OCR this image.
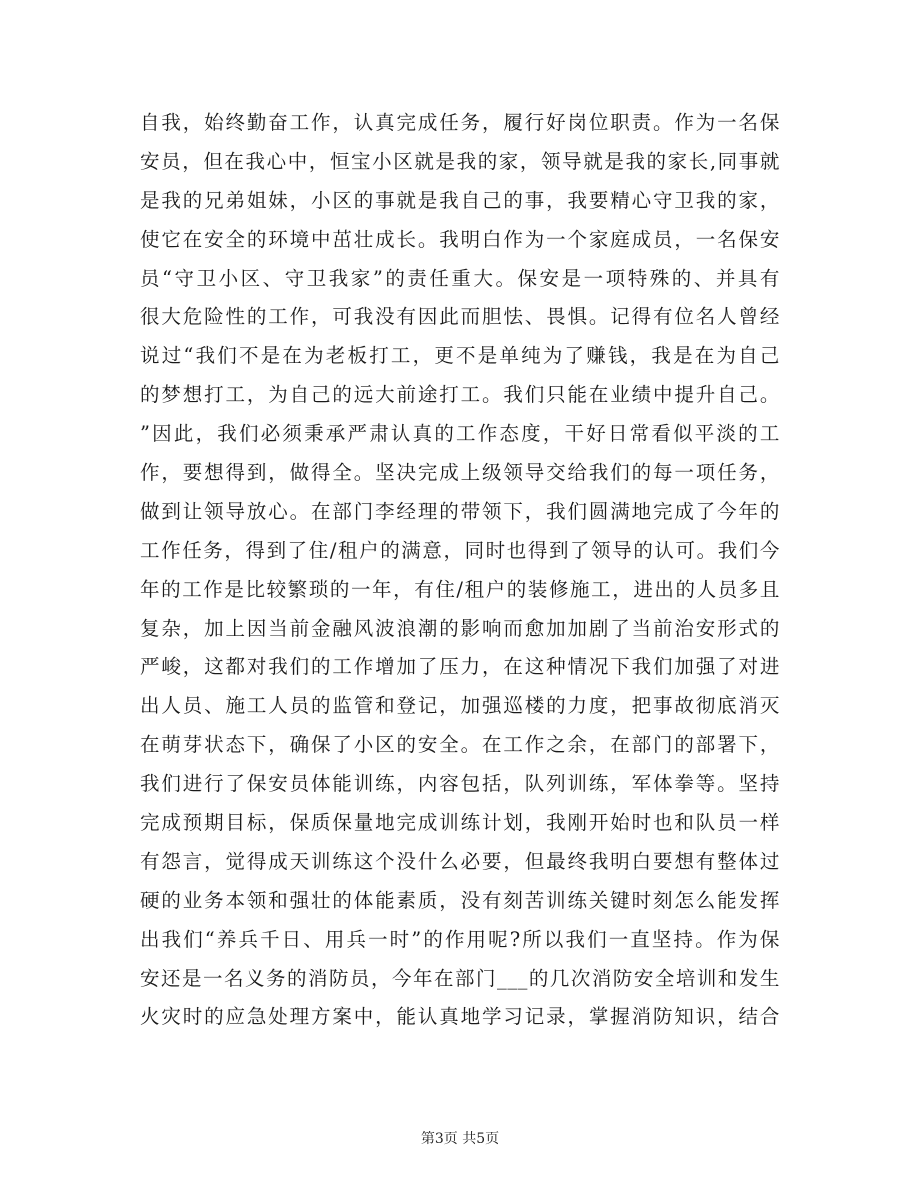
自我，始终勤奋工作，认真完成任务，履行好岗位职责。作为一名保
安员，但在我心中，恒宝小区就是我的家，领导就是我的家长,同事就
是我的兄弟姐妹，小区的事就是我自己的事，我要精心守卫我的家，
使它在安全的环境中茁壮成长。我明白作为一个家庭成员，一名保安
员“守卫小区、守卫我家”的责任重大。保安是一项特殊的、并具有
很大危险性的工作，可我没有因此而胆怯、畏惧。记得有位名人曾经
说过“我们不是在为老板打工，更不是单纯为了赚钱，我是在为自己
的梦想打工，为自己的远大前途打工。我们只能在业绩中提升自己。
”因此，我们必须秉承严肃认真的工作态度，干好日常看似平淡的工
作，要想得到，做得全。坚决完成上级领导交给我们的每一项任务，
做到让领导放心。在部门李经理的带领下，我们圆满地完成了今年的
工作任务，得到了住/租户的满意，同时也得到了领导的认可。我们今
年的工作是比较繁琐的一年，有住/租户的装修施工，进出的人员多且
复杂，加上因当前金融风波浪潮的影响而愈加加剧了当前治安形式的
严峻，这都对我们的工作增加了压力，在这种情况下我们加强了对进
出人员、施工人员的监管和登记，加强巡楼的力度，把事故彻底消灭
在萌芽状态下，确保了小区的安全。在工作之余，在部门的部署下，
我们进行了保安员体能训练，内容包括，队列训练，军体拳等。坚持
完成预期目标，保质保量地完成训练计划，我刚开始时也和队员一样
有怨言，觉得成天训练这个没什么必要，但最终我明白要想有整体过
硬的业务本领和强壮的体能素质，没有刻苦训练关键时刻怎么能发挥
出我们“养兵千日、用兵一时”的作用呢?所以我们一直坚持。作为保
安还是一名义务的消防员，今年在部门___的几次消防安全培训和发生
火灾时的应急处理方案中，能认真地学习记录，掌握消防知识，结合
第3页 共5页
